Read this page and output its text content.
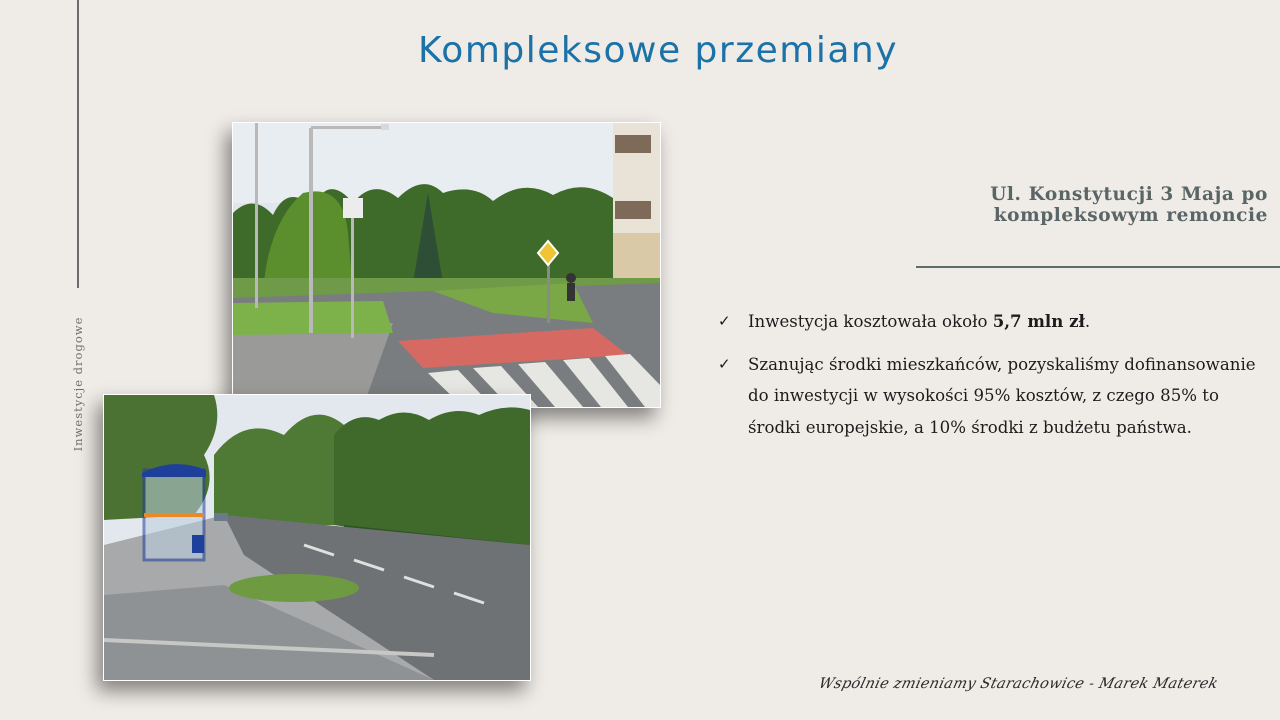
Inwestycje drogowe
Kompleksowe przemiany
Ul. Konstytucji 3 Maja po
kompleksowym remoncie
✓ Inwestycja kosztowała około 5,7 mln zł.
✓ Szanując środki mieszkańców, pozyskaliśmy dofinansowanie do inwestycji w wysokości 95% kosztów, z czego 85% to środki europejskie, a 10% środki z budżetu państwa.
Wspólnie zmieniamy Starachowice - Marek Materek
